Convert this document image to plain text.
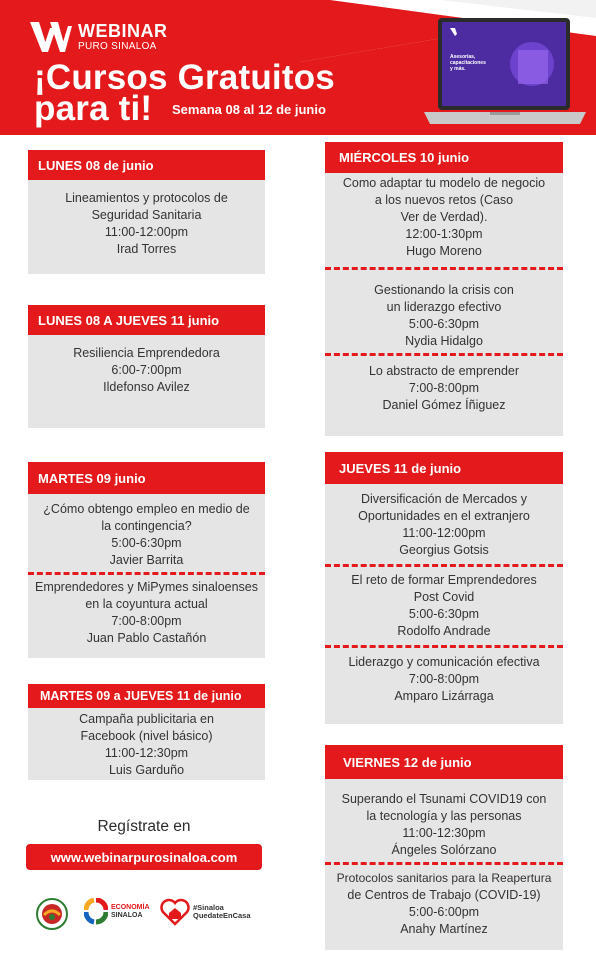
WEBINAR
PURO SINALOA
¡Cursos Gratuitos
para ti!	Semana 08 al 12 de junio
Asesorías, capacitaciones y más.
LUNES 08 de junio
Lineamientos y protocolos de
Seguridad Sanitaria
11:00-12:00pm
Irad Torres
LUNES 08 A JUEVES 11 junio
Resiliencia Emprendedora
6:00-7:00pm
Ildefonso Avilez
MARTES 09 junio
¿Cómo obtengo empleo en medio de
la contingencia?
5:00-6:30pm
Javier Barrita
Emprendedores y MiPymes sinaloenses
en la coyuntura actual
7:00-8:00pm
Juan Pablo Castañón
MARTES 09 a JUEVES 11 de junio
Campaña publicitaria en
Facebook (nivel básico)
11:00-12:30pm
Luis Garduño
MIÉRCOLES 10 junio
Como adaptar tu modelo de negocio
a los nuevos retos (Caso
Ver de Verdad).
12:00-1:30pm
Hugo Moreno
Gestionando la crisis con
un liderazgo efectivo
5:00-6:30pm
Nydia Hidalgo
Lo abstracto de emprender
7:00-8:00pm
Daniel Gómez Íñiguez
JUEVES 11 de junio
Diversificación de Mercados y
Oportunidades en el extranjero
11:00-12:00pm
Georgius Gotsis
El reto de formar Emprendedores
Post Covid
5:00-6:30pm
Rodolfo Andrade
Liderazgo y comunicación efectiva
7:00-8:00pm
Amparo Lizárraga
VIERNES 12 de junio
Superando el Tsunami COVID19 con
la tecnología y las personas
11:00-12:30pm
Ángeles Solórzano
Protocolos sanitarios para la Reapertura
de Centros de Trabajo (COVID-19)
5:00-6:00pm
Anahy Martínez
Regístrate en
www.webinarpurosinaloa.com
ECONOMÍA
SINALOA
#Sinaloa
QuedateEnCasa
